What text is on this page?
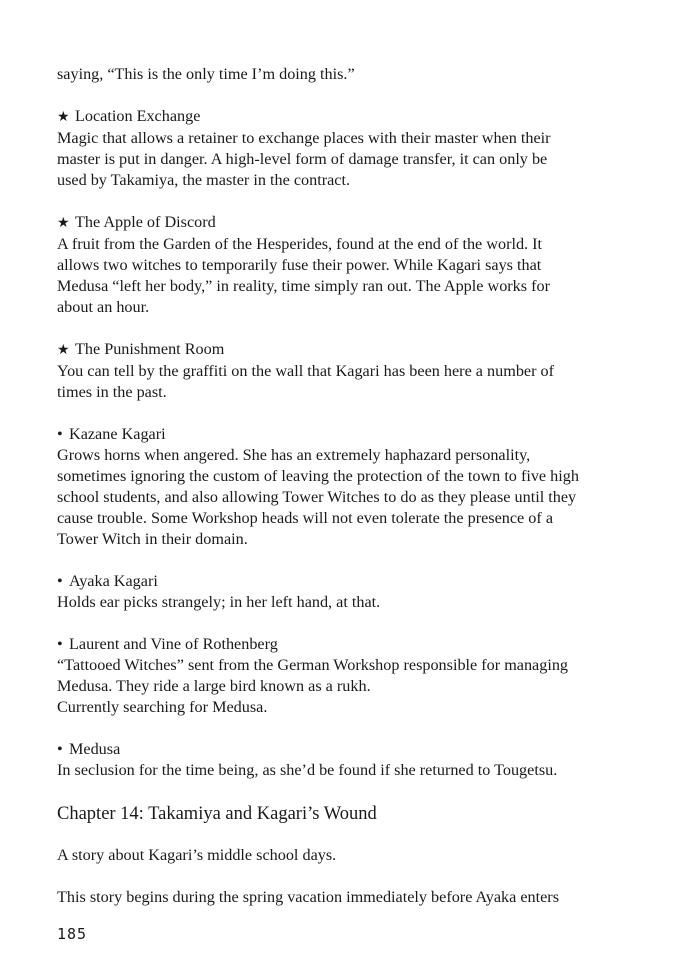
saying, “This is the only time I’m doing this.”
★ Location Exchange
Magic that allows a retainer to exchange places with their master when their
master is put in danger. A high-level form of damage transfer, it can only be
used by Takamiya, the master in the contract.
★ The Apple of Discord
A fruit from the Garden of the Hesperides, found at the end of the world. It
allows two witches to temporarily fuse their power. While Kagari says that
Medusa “left her body,” in reality, time simply ran out. The Apple works for
about an hour.
★ The Punishment Room
You can tell by the graffiti on the wall that Kagari has been here a number of
times in the past.
• Kazane Kagari
Grows horns when angered. She has an extremely haphazard personality,
sometimes ignoring the custom of leaving the protection of the town to five high
school students, and also allowing Tower Witches to do as they please until they
cause trouble. Some Workshop heads will not even tolerate the presence of a
Tower Witch in their domain.
• Ayaka Kagari
Holds ear picks strangely; in her left hand, at that.
• Laurent and Vine of Rothenberg
“Tattooed Witches” sent from the German Workshop responsible for managing
Medusa. They ride a large bird known as a rukh.
Currently searching for Medusa.
• Medusa
In seclusion for the time being, as she’d be found if she returned to Tougetsu.
Chapter 14: Takamiya and Kagari’s Wound
A story about Kagari’s middle school days.
This story begins during the spring vacation immediately before Ayaka enters
185
